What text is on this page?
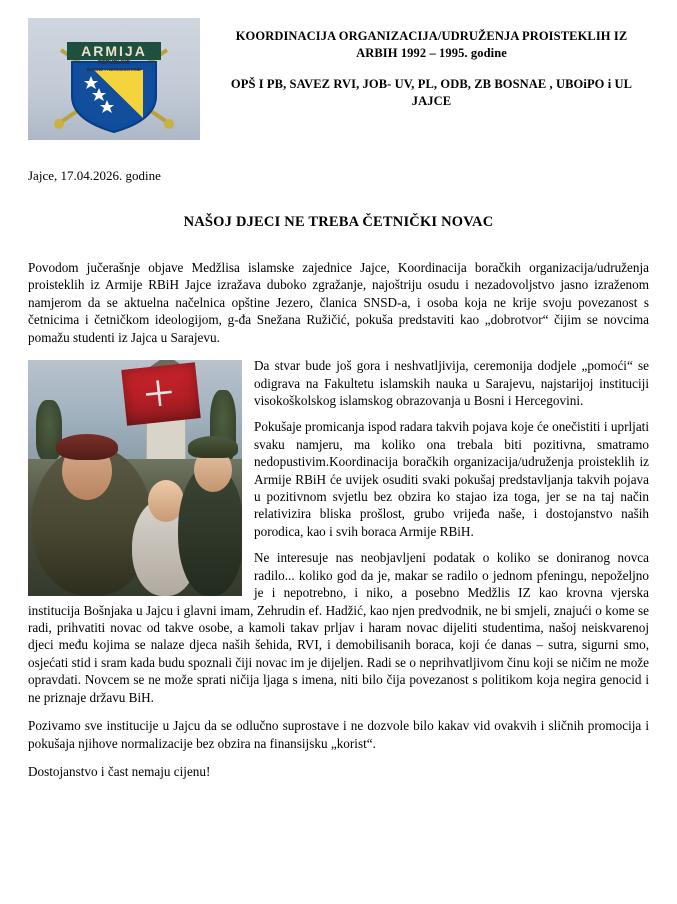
ARMIJA
REPUBLIKE
BOSNE I HERCEGOVINE
KOORDINACIJA ORGANIZACIJA/UDRUŽENJA PROISTEKLIH IZ ARBIH 1992 – 1995. godine
OPŠ I PB, SAVEZ RVI, JOB- UV, PL, ODB, ZB BOSNAE , UBOiPO i UL JAJCE
Jajce, 17.04.2026. godine
NAŠOJ DJECI NE TREBA ČETNIČKI NOVAC

Povodom jučerašnje objave Medžlisa islamske zajednice Jajce, Koordinacija boračkih organizacija/udruženja proisteklih iz Armije RBiH Jajce izražava duboko zgražanje, najoštriju osudu i nezadovoljstvo jasno izraženom namjerom da se aktuelna načelnica opštine Jezero, članica SNSD-a, i osoba koja ne krije svoju povezanost s četnicima i četničkom ideologijom, g-đa Snežana Ružičić, pokuša predstaviti kao „dobrotvor“ čijim se novcima pomažu studenti iz Jajca u Sarajevu.

Da stvar bude još gora i neshvatljivija, ceremonija dodjele „pomoći“ se odigrava na Fakultetu islamskih nauka u Sarajevu, najstarijoj instituciji visokoškolskog islamskog obrazovanja u Bosni i Hercegovini.

Pokušaje promicanja ispod radara takvih pojava koje će onečistiti i uprljati svaku namjeru, ma koliko ona trebala biti pozitivna, smatramo nedopustivim.Koordinacija boračkih organizacija/udruženja proisteklih iz Armije RBiH će uvijek osuditi svaki pokušaj predstavljanja takvih pojava u pozitivnom svjetlu bez obzira ko stajao iza toga, jer se na taj način relativizira bliska prošlost, grubo vrijeđa naše, i dostojanstvo naših porodica, kao i svih boraca Armije RBiH.

Ne interesuje nas neobjavljeni podatak o koliko se doniranog novca radilo... koliko god da je, makar se radilo o jednom pfeningu, nepoželjno je i nepotrebno, i niko, a posebno Medžlis IZ kao krovna vjerska institucija Bošnjaka u Jajcu i glavni imam, Zehrudin ef. Hadžić, kao njen predvodnik, ne bi smjeli, znajući o kome se radi, prihvatiti novac od takve osobe, a kamoli takav prljav i haram novac dijeliti studentima, našoj neiskvarenoj djeci među kojima se nalaze djeca naših šehida, RVI, i demobilisanih boraca, koji će danas – sutra, sigurni smo, osjećati stid i sram kada budu spoznali čiji novac im je dijeljen. Radi se o neprihvatljivom činu koji se ničim ne može opravdati. Novcem se ne može sprati ničija ljaga s imena, niti bilo čija povezanost s politikom koja negira genocid i ne priznaje državu BiH.

Pozivamo sve institucije u Jajcu da se odlučno suprostave i ne dozvole bilo kakav vid ovakvih i sličnih promocija i pokušaja njihove normalizacije bez obzira na finansijsku „korist“.

Dostojanstvo i čast nemaju cijenu!
